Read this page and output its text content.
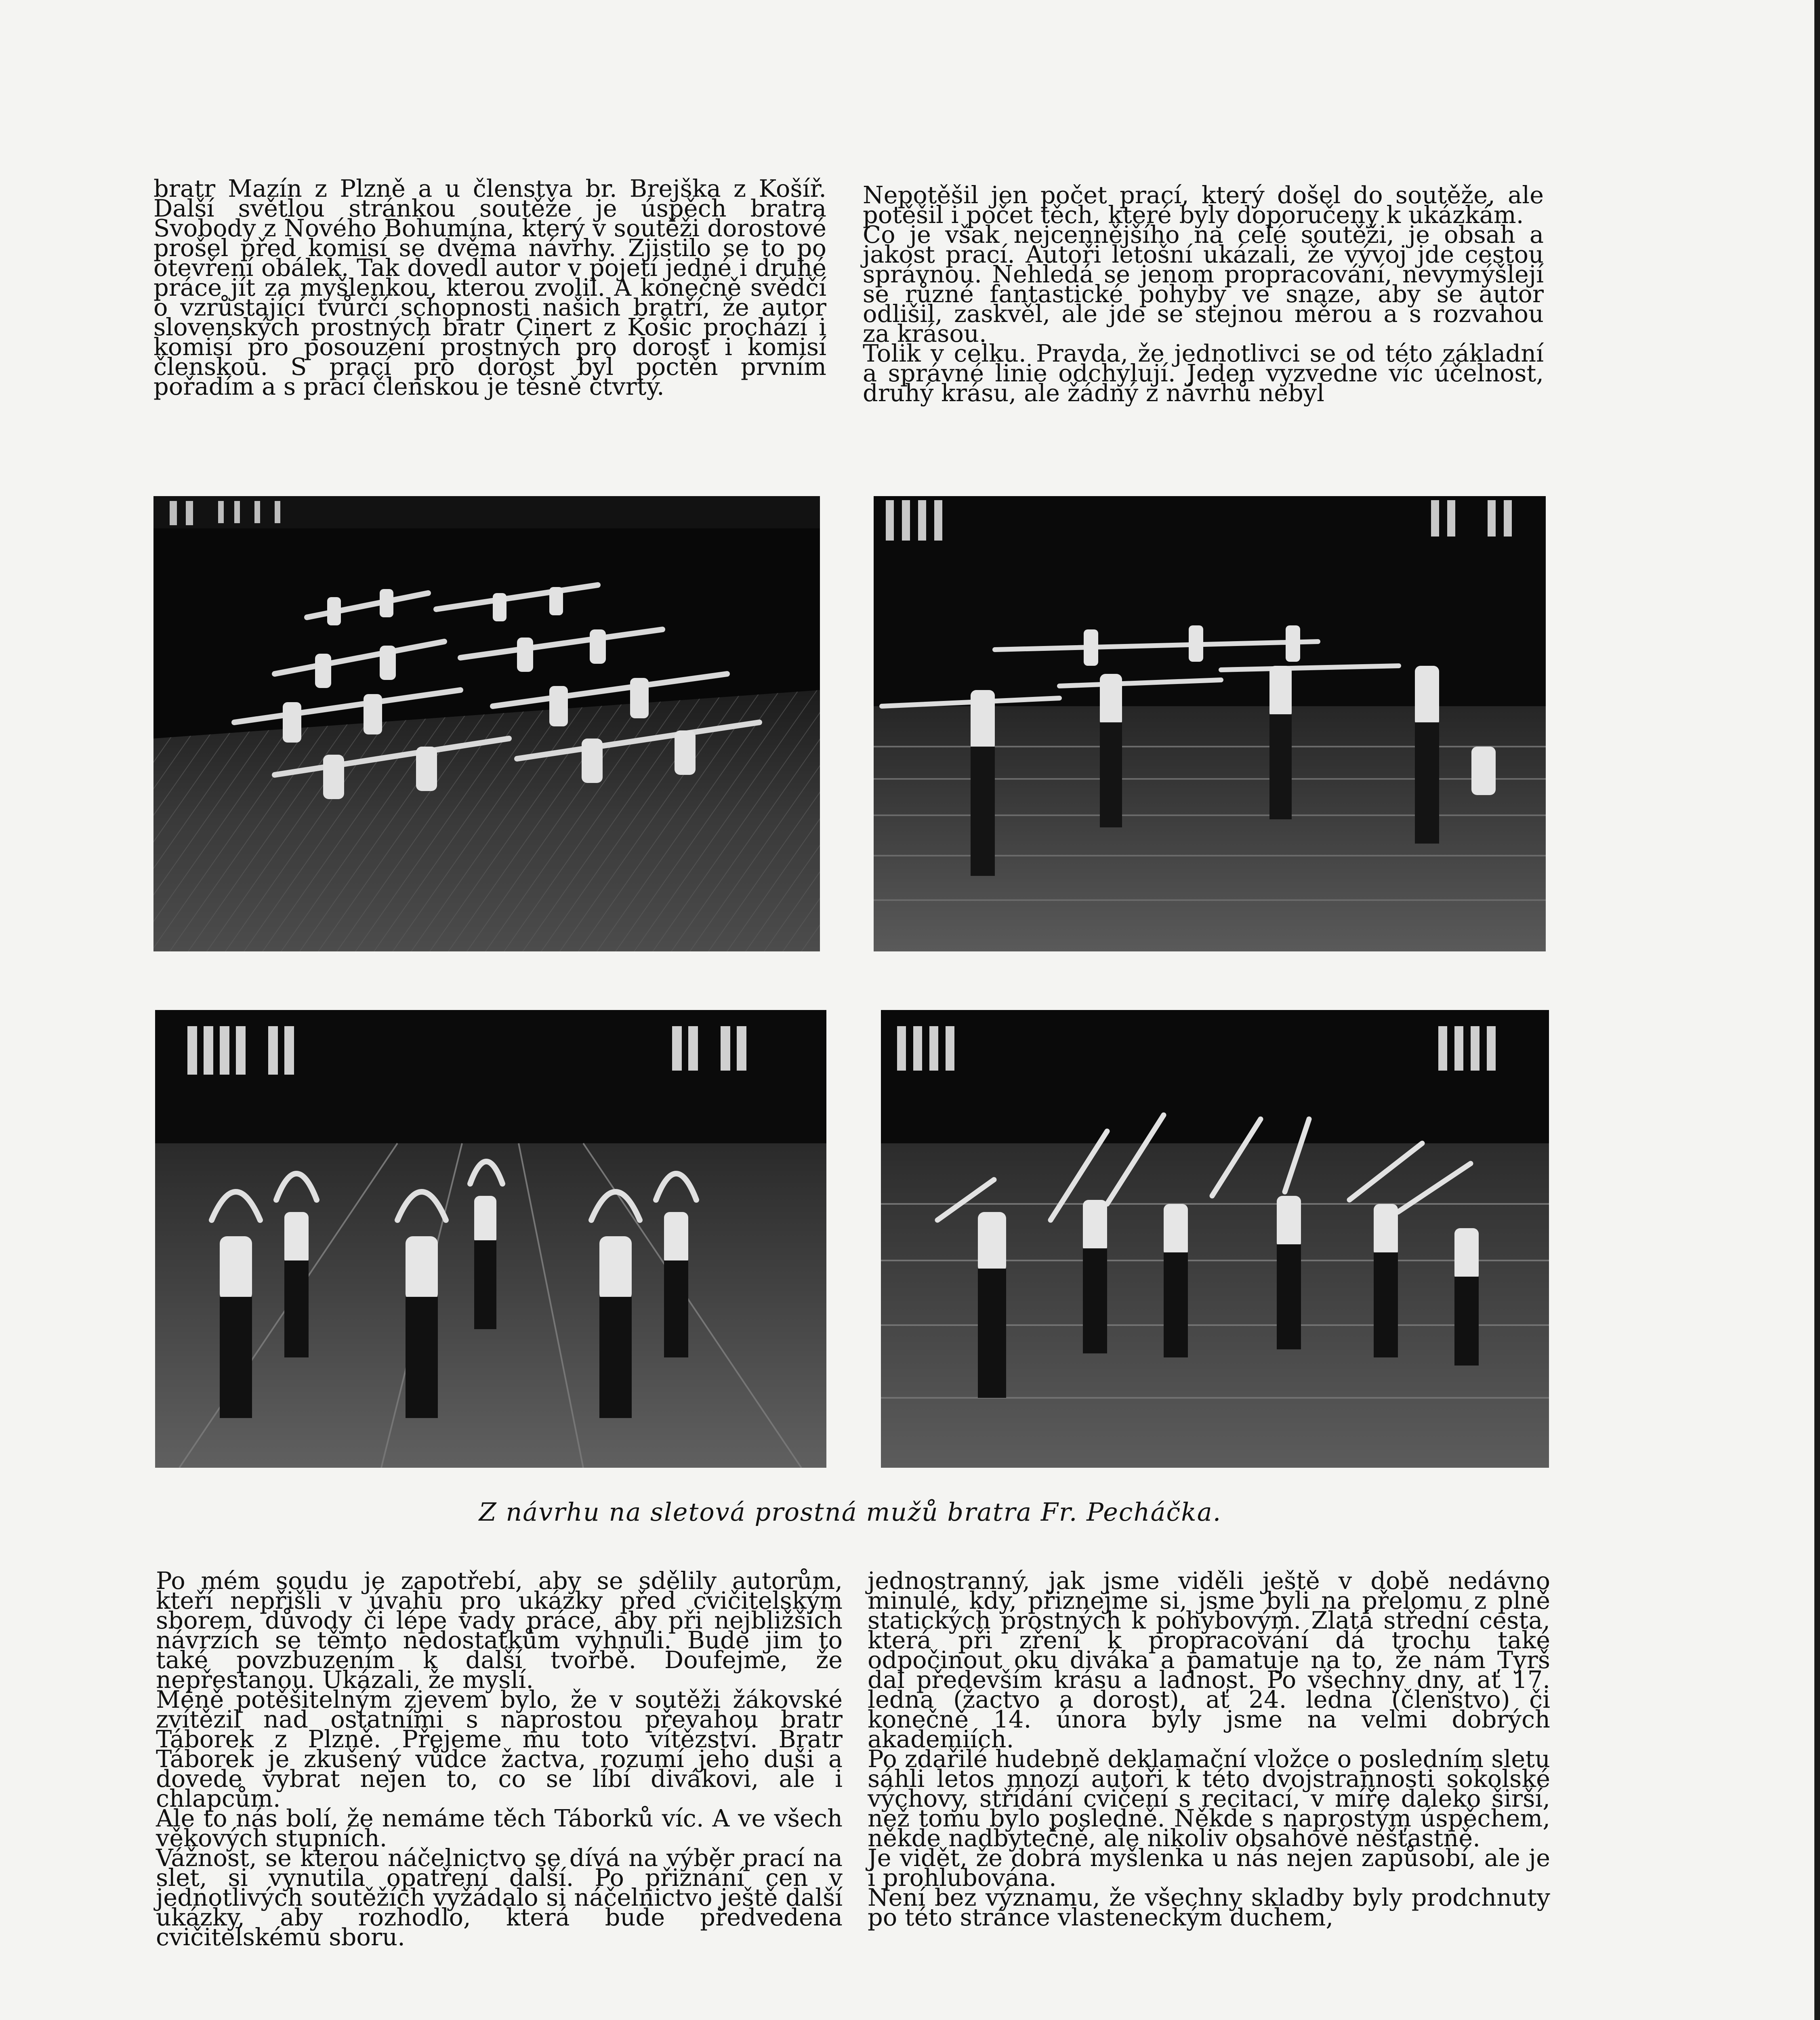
bratr Mazín z Plzně a u členstva br. Brejška z Košíř. Další světlou stránkou soutěže je úspěch bratra Svobody z Nového Bohumína, který v soutěži dorostové prošel před komisí se dvěma návrhy. Zjistilo se to po otevření obálek. Tak dovedl autor v pojetí jedné i druhé práce jít za myšlenkou, kterou zvolil. A konečně svědčí o vzrůstající tvůrčí schopnosti našich bratří, že autor slovenských prostných bratr Cinert z Košic prochází i komisí pro posouzení prostných pro dorost i komisí členskou. S prací pro dorost byl poctěn prvním pořadím a s prací členskou je těsně čtvrtý.

Nepotěšil jen počet prací, který došel do soutěže, ale potěšil i počet těch, které byly doporučeny k ukázkám.

Co je však nejcennějšího na celé soutěži, je obsah a jakost prací. Autoři letošní ukázali, že vývoj jde cestou správnou. Nehledá se jenom propracování, nevymýšlejí se různé fantastické pohyby ve snaze, aby se autor odlišil, zaskvěl, ale jde se stejnou měrou a s rozvahou za krásou.

Tolik v celku. Pravda, že jednotlivci se od této základní a správné linie odchylují. Jeden vyzvedne víc účelnost, druhý krásu, ale žádný z návrhů nebyl

Z návrhu na sletová prostná mužů bratra Fr. Pecháčka.

Po mém soudu je zapotřebí, aby se sdělily autorům, kteří nepřišli v úvahu pro ukázky před cvičitelským sborem, důvody či lépe vady práce, aby při nejbližších návrzích se těmto nedostatkům vyhnuli. Bude jim to také povzbuzením k další tvorbě. Doufejme, že nepřestanou. Ukázali, že myslí.

Méně potěšitelným zjevem bylo, že v soutěži žákovské zvítězil nad ostatními s naprostou převahou bratr Táborek z Plzně. Přejeme mu toto vítězství. Bratr Táborek je zkušený vůdce žactva, rozumí jeho duši a dovede vybrat nejen to, co se líbí divákovi, ale i chlapcům.

Ale to nás bolí, že nemáme těch Táborků víc. A ve všech věkových stupních.

Vážnost, se kterou náčelnictvo se dívá na výběr prací na slet, si vynutila opatření další. Po přiznání cen v jednotlivých soutěžích vyžádalo si náčelnictvo ještě další ukázky, aby rozhodlo, která bude předvedena cvičitelskému sboru.

jednostranný, jak jsme viděli ještě v době nedávno minulé, kdy, přiznejme si, jsme byli na přelomu z plně statických prostných k pohybovým. Zlatá střední cesta, která při zření k propracování dá trochu také odpočinout oku diváka a pamatuje na to, že nám Tyrš dal především krásu a ladnost. Po všechny dny, ať 17. ledna (žactvo a dorost), ať 24. ledna (členstvo) či konečně 14. února byly jsme na velmi dobrých akademiích.

Po zdařilé hudebně deklamační vložce o posledním sletu sáhli letos mnozí autoři k této dvojstrannosti sokolské výchovy, střídání cvičení s recitací, v míře daleko širší, než tomu bylo posledně. Někde s naprostým úspěchem, někde nadbytečně, ale nikoliv obsahově nešťastně.

Je vidět, že dobrá myšlenka u nás nejen zapůsobí, ale je i prohlubována.

Není bez významu, že všechny skladby byly prodchnuty po této stránce vlasteneckým duchem,
